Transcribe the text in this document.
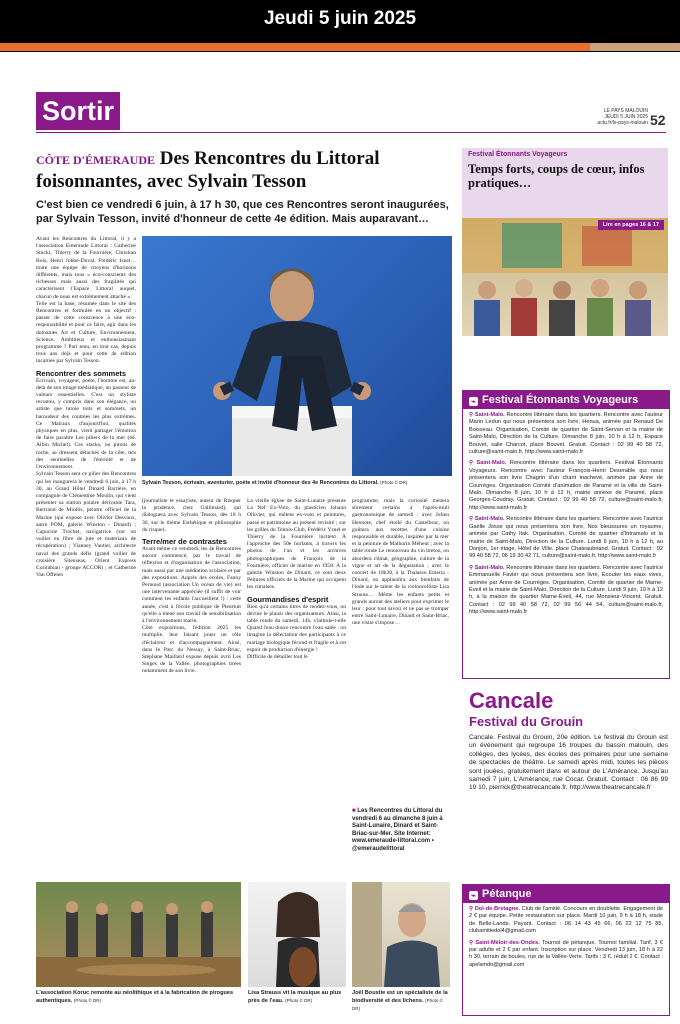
Jeudi 5 juin 2025
Sortir	LE PAYS MALOUIN
JEUDI 5 JUIN 2025
actu.fr/le-pays-malouin 52
CÔTE D'ÉMERAUDE Des Rencontres du Littoral foisonnantes, avec Sylvain Tesson
C'est bien ce vendredi 6 juin, à 17 h 30, que ces Rencontres seront inaugurées, par Sylvain Tesson, invité d'honneur de cette 4e édition. Mais auparavant…
Avant les Rencontres du Littoral, il y a l'association Emeraude Littoral : Catherine Stucki, Thierry de la Fournière, Christian Bois, Henri Jobbé-Duval, Frédéric Isnel… toute une équipe de citoyens d'horizons différents, mais tous « éco-conscients des richesses mais aussi des fragilités qui caractérisent l'Espace Littoral auquel, chacun de nous est extrêmement attaché ».
Telle est la base, résumée dans le site des Rencontres et formulée en un objectif : passer de cette conscience à une éco-responsabilité et pour ce faire, agir dans les domaines Art et Culture, Environnement, Science. Ambitieux et enthousiasmant programme ? Pari tenu, en tout cas, depuis trois ans déjà et pour cette 4e édition incarnée par Sylvain Tesson.
Rencontrer des sommets
Écrivain, voyageur, poète, l'homme est, au-delà de son image médiatique, un passeur de valeurs essentielles. C'est un styliste reconnu, y compris dans son élégance, un artiste que tutoie toits et sommets, un baroudeur des contrées les plus extrêmes. Ce Malraux d'aujourd'hui, qualités physiques en plus, vient partager l'émotion de faire paraître Les piliers de la mer (éd. Albin Michel). Ces stacks, ou pitons de roche, se dressent détachés de la côte, tels des sentinelles de l'éternité et de l'environnement.
Sylvain Tesson sera ce pilier des Rencontres qui les inaugurera le vendredi 6 juin, à 17 h 30, au Grand Hôtel Dinard Barrière, en compagnie de Clémentine Moulin, qui vient présenter sa station polaire dérivante Tara, Bertrand de Miollis, peintre officiel de la Marine (qui expose avec Olivier Desvaux, autre POM, galerie Winston - Dinard) ; Capucine Trochet, navigatrice (sur un voilier en fibre de jute et matériaux de récupération) ; Vianney Vautier, architecte naval des grands défis (grand voilier de croisière Silenseas, Orient Express Corinthian - groupe ACCOR) ; et Catherine Van Offelen
Sylvain Tesson, écrivain, aventurier, poète et invité d'honneur des 4e Rencontres du Littoral. (Photo © DR)
(journaliste et essayiste, auteur de Risquer la prudence, chez Gallimard), qui dialoguera avec Sylvain Tesson, dès 18 h 30, sur le thème Esthétique et philosophie du risque).
Terre/mer de contrastes
Avant même ce vendredi, les 4e Rencontres auront commencé, par le travail de réflexion et d'organisation de l'association, mais aussi par une médiation scolaire et par des expositions. Auprès des écoles, Fanny Pernoud (association Un océan de vie) est une intervenante appréciée (il suffit de voir comment les enfants l'accueillent !) : cette année, c'est à l'école publique de Pleurtuit qu'elle a mené son travail de sensibilisation à l'environnement marin.
Côté expositions, l'édition 2025 les multiplie, leur faisant jouer un rôle d'éclaireur et d'accompagnement. Ainsi, dans le Parc du Nessay, à Saint-Briac, Stéphane Maillard expose depuis avril Les Singes de la Vallée, photographies tirées notamment de son livre.
La vieille église de Saint-Lunaire présente La Nef Ex-Voto, du plasticien Johann Ollivier, qui mêlent ex-voto et peintures, passé et patrimoine au présent revisité ; sur les grilles du Tennis-Club, Frédéric Ysnel et Thierry de la Fournière incitent À l'approche des 50e hurlants, à travers les photos de l'un et les archives photographiques de François de la Fournière, officier de marine en 1958. À la galerie Winston de Dinard, ce sont deux Peintres officiels de la Marine qui occupent les cimaises.
Gourmandises d'esprit
Rien qu'à certains titres de rendez-vous, on devine le plaisir des organisateurs. Ainsi, la table ronde du samedi, 14h, s'intitule-t-elle Quand l'eau douce rencontre l'eau salée : on imagine la délectation des participants à ce mariage biologique fécond et fragile et à cet espoir de production d'énergie !
Difficile de détailler tout le
programme, mais la curiosité mènera sûrement certains à l'après-midi gastronomique de samedi : avec Julien Hennote, chef étoilé du Castelbrac, on goûtera aux recettes d'une cuisine responsable et durable, inspirée par la mer et la peinture de Mathurin Méheut ; avec la table ronde Le renouveau du vin breton, on abordera climat, géographie, culture de la vigne et art de la dégustation ; avec le concert de 18h30, à la Thalasso Emeria - Dinard, on applaudira aux bienfaits de l'iode sur le talent de la violoncelliste Lisa Strauss… Même les enfants petits et grands auront des ateliers pour exprimer le leur : pour tout savoir et ne pas se tromper entre Saint-Lunaire, Dinard et Saint-Briac, une visite s'impose…
■ Les Rencontres du Littoral du vendredi 6 au dimanche 8 juin à Saint-Lunaire, Dinard et Saint-Briac-sur-Mer. Site Internet: www.emeraude-littoral.com • @emeraudelittoral
L'association Koruc remonte au néolithique et à la fabrication de pirogues authentiques. (Photo © DR)
Lisa Strauss vit la musique au plus près de l'eau. (Photo © DR)
Joël Boustie est un spécialiste de la biodiversité et des lichens. (Photo © DR)
Festival Étonnants Voyageurs
Temps forts, coups de cœur, infos pratiques…
Lire en pages 16 & 17
⌁ Festival Étonnants Voyageurs

⚲ Saint-Malo. Rencontre littéraire dans les quartiers. Rencontre avec l'auteur Marin Ledun qui nous présentera son livre, Henua, animée par Renaud De Boisseau. Organisation, Comité de quartier de Saint-Servan et la mairie de Saint-Malo, Direction de la Culture. Dimanche 8 juin, 10 h à 12 h, Espace Bouvet, salle Charcot, place Bouvet. Gratuit. Contact : 02 99 40 58 72, culture@saint-malo.fr, http://www.saint-malo.fr

⚲ Saint-Malo. Rencontre littéraire dans les quartiers. Festival Étonnants Voyageurs. Rencontre avec l'auteur François-Henri Deserable qui nous présentera son livre Chagrin d'un chant inachevé, animée par Anne de Courrèges. Organisation Comité d'animation de Paramé et la ville de Saint-Malo. Dimanche 8 juin, 10 h à 12 h, mairie annexe de Paramé, place Georges-Coudray. Gratuit. Contact : 02 99 40 58 72, culture@saint-malo.fr, http://www.saint-malo.fr

⚲ Saint-Malo. Rencontre littéraire dans les quartiers. Rencontre avec l'autrice Gaëlle Josse qui nous présentera son livre, Nos bleussures un royaume, animée par Cathy Itak. Organisation, Comité de quartier d'Intramalo et la mairie de Saint-Malo, Direction de la Culture. Lundi 9 juin, 10 h à 12 h, au Donjon, 1er étage, Hôtel de Ville, place Chateaubriand. Gratuit. Contact : 02 99 40 58 72, 06 19 30 42 71, culture@saint-malo.fr, http://www.saint-malo.fr

⚲ Saint-Malo. Rencontre littéraire dans les quartiers. Rencontre avec l'autrice Emmanuelle Favier qui nous présentera son livre, Écouter les eaux vives, animée par Anne de Courrèges. Organisation, Comité de quartier de Marne-Éveil et la mairie de Saint-Malo, Direction de la Culture. Lundi 9 juin, 10 h à 12 h, à la maison de quartier Marne-Éveil, 44, rue Monsieur-Vincent. Gratuit. Contact : 02 99 40 58 72, 02 99 56 44 54, culture@saint-malo.fr, http://www.saint-malo.fr

Cancale
Festival du Grouin
Cancale. Festival du Grouin, 20e édition. Le festival du Grouin est un événement qui regroupe 16 troupes du bassin malouin, des collèges, des lycées, des écoles des primaires pour une semaine de spectacles de théâtre. Le samedi après midi, toutes les pièces sont jouées, gratuitement dans et autour de L'Amérance. Jusqu'au samedi 7 juin, L'Amérance, rue Cocar. Gratuit. Contact : 06 86 99 19 10, pierrick@theatrecancale.fr, http://www.theatrecancale.fr
⌁ Pétanque

⚲ Dol-de-Bretagne. Club de l'amitié. Concours en doublette. Engagement de 2 € par équipe. Petite restauration sur place. Mardi 10 juin, 9 h à 18 h, stade de Belle-Lande. Payant. Contact : 06 14 43 45 66, 06 22 12 75 85, clubamitiedol4@gmail.com

⚲ Saint-Méloir-des-Ondes. Tournoi de pétanque. Tournoi familial. Tarif, 3 € par adulte et 2 € par enfant. Inscription sur place. Vendredi 13 juin, 18 h à 22 h 30, terrain de boules, rue de la Vallée-Verte. Tarifs : 3 €, réduit 2 €. Contact : apelsmdo@gmail.com
